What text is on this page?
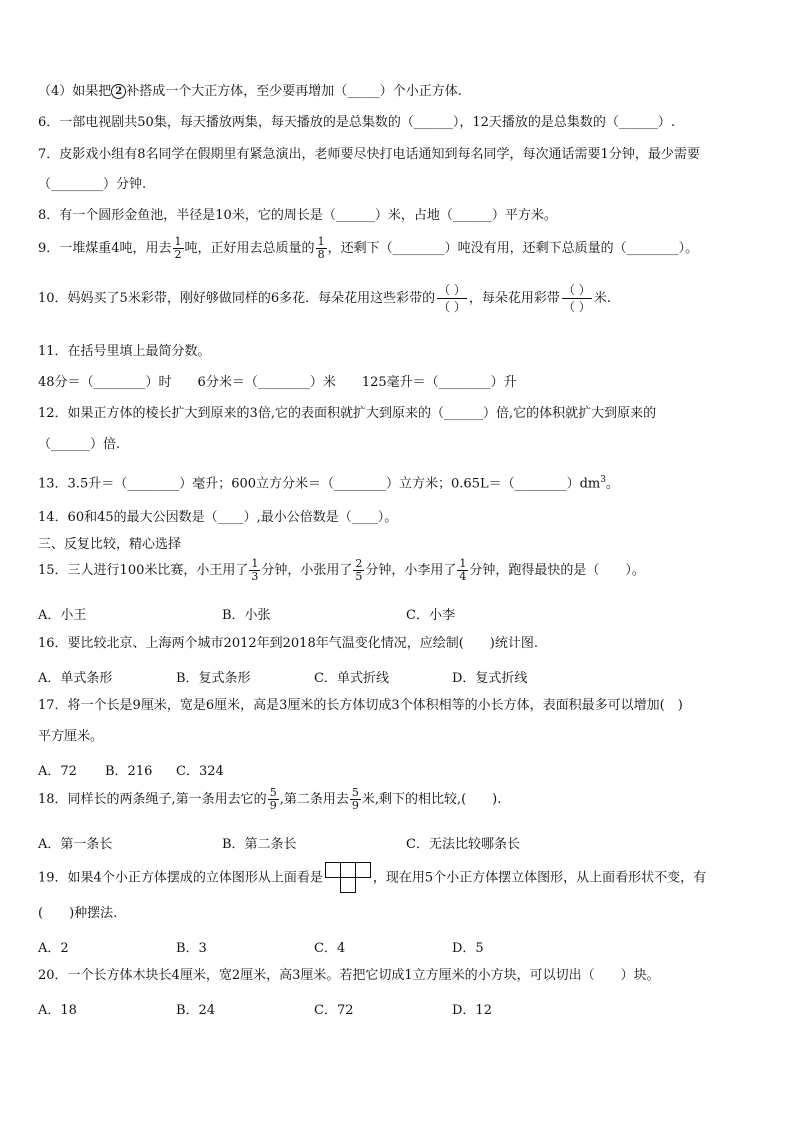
（4）如果把 2 补搭成一个大正方体，至少要再增加（_____）个小正方体.
6．一部电视剧共50集，每天播放两集，每天播放的是总集数的（______），12天播放的是总集数的（______）.
7．皮影戏小组有8名同学在假期里有紧急演出，老师要尽快打电话通知到每名同学，每次通话需要1分钟，最少需要
（________）分钟.
8．有一个圆形金鱼池，半径是10米，它的周长是（______）米，占地（______）平方米。
9．一堆煤重4吨，用去 $\frac{1}{2}$ 吨，正好用去总质量的 $\frac{1}{8}$ ，还剩下（________）吨没有用，还剩下总质量的（________）。
10．妈妈买了5米彩带，刚好够做同样的6多花．每朵花用这些彩带的
（ ）
（ ）
，每朵花用彩带
（ ）
（ ）
米.
11．在括号里填上最简分数。
48分＝（________）时　　6分米＝（________）米　　125毫升＝（________）升
12．如果正方体的棱长扩大到原来的3倍,它的表面积就扩大到原来的（______）倍,它的体积就扩大到原来的
（______）倍.
13．3.5升＝（________）毫升；600立方分米＝（________）立方米；$0.65L=(\_\_\_\_\_\_\_\_)dm^3$。
14．60和45的最大公因数是（____）,最小公倍数是（____）。
三、反复比较，精心选择
15．三人进行100米比赛，小王用了 $\frac{1}{3}$ 分钟，小张用了 $\frac{2}{5}$ 分钟，小李用了 $\frac{1}{4}$ 分钟，跑得最快的是（　　）。
A．小王	B．小张	C．小李
16．要比较北京、上海两个城市2012年到2018年气温变化情况，应绘制(　　)统计图.
A．单式条形	B．复式条形	C．单式折线	D．复式折线
17．将一个长是9厘米，宽是6厘米，高是3厘米的长方体切成3个体积相等的小长方体，表面积最多可以增加(　)
平方厘米。
A．72 B．216 C．324
18．同样长的两条绳子,第一条用去它的 $\frac{5}{9}$ ,第二条用去 $\frac{5}{9}$ 米,剩下的相比较,(　　).
A．第一条长	B．第二条长	C．无法比较哪条长
19．如果4个小正方体摆成的立体图形从上面看是	，现在用5个小正方体摆立体图形，从上面看形状不变，有
(　　)种摆法.
A．2	B．3	C．4	D．5
20．一个长方体木块长4厘米，宽2厘米，高3厘米。若把它切成1立方厘米的小方块，可以切出（　　）块。
A．18	B．24	C．72	D．12
